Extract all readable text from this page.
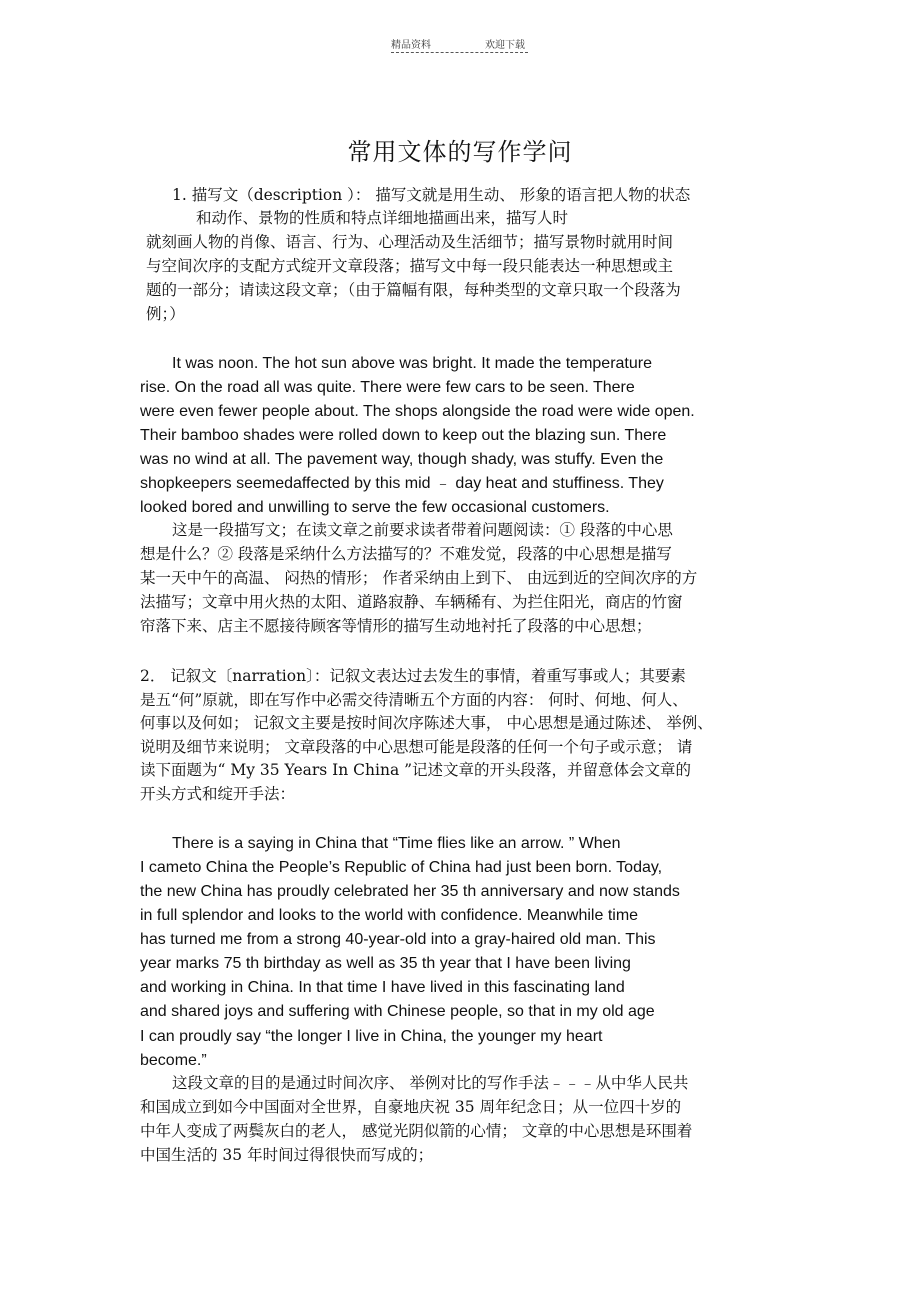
精品资料	欢迎下载
常用文体的写作学问
1. 描写文（description ）： 描写文就是用生动、 形象的语言把人物的状态
和动作、景物的性质和特点详细地描画出来，描写人时
就刻画人物的肖像、语言、行为、心理活动及生活细节；描写景物时就用时间
与空间次序的支配方式绽开文章段落；描写文中每一段只能表达一种思想或主
题的一部分；请读这段文章；（由于篇幅有限，每种类型的文章只取一个段落为
例；）
It was noon. The hot sun above was bright. It made the temperature
rise. On the road all was quite. There were few cars to be seen. There
were even fewer people about. The shops alongside the road were wide open.
Their bamboo shades were rolled down to keep out the blazing sun. There
was no wind at all. The pavement way, though shady, was stuffy. Even the
shopkeepers seemedaffected by this mid ﹣ day heat and stuffiness. They
looked bored and unwilling to serve the few occasional customers.
这是一段描写文；在读文章之前要求读者带着问题阅读：① 段落的中心思
想是什么？② 段落是采纳什么方法描写的？不难发觉，段落的中心思想是描写
某一天中午的高温、 闷热的情形； 作者采纳由上到下、 由远到近的空间次序的方
法描写；文章中用火热的太阳、道路寂静、车辆稀有、为拦住阳光，商店的竹窗
帘落下来、店主不愿接待顾客等情形的描写生动地衬托了段落的中心思想；
2． 记叙文〔narration〕：记叙文表达过去发生的事情，着重写事或人；其要素
是五“何”原就，即在写作中必需交待清晰五个方面的内容： 何时、何地、何人、
何事以及何如； 记叙文主要是按时间次序陈述大事， 中心思想是通过陈述、 举例、
说明及细节来说明； 文章段落的中心思想可能是段落的任何一个句子或示意； 请
读下面题为“ My 35 Years In China ”记述文章的开头段落，并留意体会文章的
开头方式和绽开手法：
There is a saying in China that “Time flies like an arrow. ” When
I cameto China the People’s Republic of China had just been born. Today,
the new China has proudly celebrated her 35 th anniversary and now stands
in full splendor and looks to the world with confidence. Meanwhile time
has turned me from a strong 40-year-old into a gray-haired old man. This
year marks 75 th birthday as well as 35 th year that I have been living
and working in China. In that time I have lived in this fascinating land
and shared joys and suffering with Chinese people, so that in my old age
I can proudly say “the longer I live in China, the younger my heart
become.”
这段文章的目的是通过时间次序、 举例对比的写作手法﹣﹣﹣从中华人民共
和国成立到如今中国面对全世界，自豪地庆祝 35 周年纪念日；从一位四十岁的
中年人变成了两鬓灰白的老人， 感觉光阴似箭的心情； 文章的中心思想是环围着
中国生活的 35 年时间过得很快而写成的；
